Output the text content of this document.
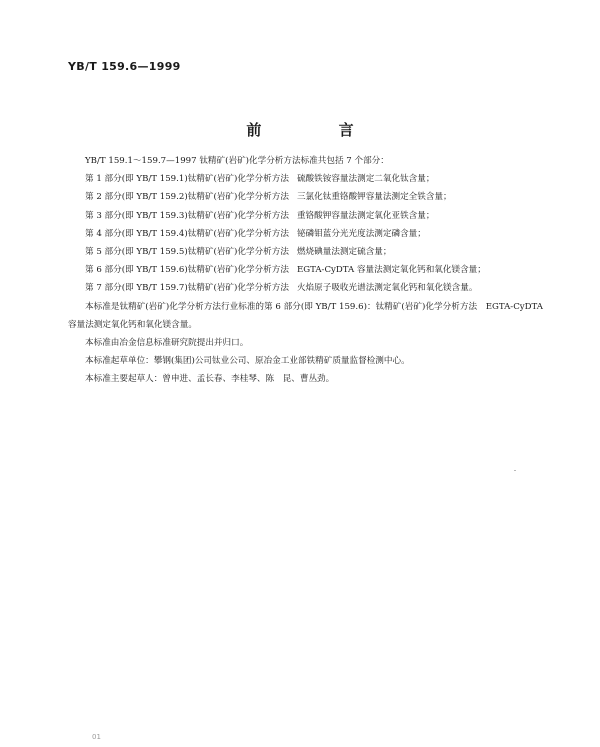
YB/T 159.6—1999
前 言

YB/T 159.1～159.7—1997 钛精矿(岩矿)化学分析方法标准共包括 7 个部分：

第 1 部分(即 YB/T 159.1)钛精矿(岩矿)化学分析方法 硫酸铁铵容量法测定二氧化钛含量；

第 2 部分(即 YB/T 159.2)钛精矿(岩矿)化学分析方法 三氯化钛重铬酸钾容量法测定全铁含量；

第 3 部分(即 YB/T 159.3)钛精矿(岩矿)化学分析方法 重铬酸钾容量法测定氧化亚铁含量；

第 4 部分(即 YB/T 159.4)钛精矿(岩矿)化学分析方法 铋磷钼蓝分光光度法测定磷含量；

第 5 部分(即 YB/T 159.5)钛精矿(岩矿)化学分析方法 燃烧碘量法测定硫含量；

第 6 部分(即 YB/T 159.6)钛精矿(岩矿)化学分析方法 EGTA-CyDTA 容量法测定氧化钙和氧化镁含量；

第 7 部分(即 YB/T 159.7)钛精矿(岩矿)化学分析方法 火焰原子吸收光谱法测定氧化钙和氧化镁含量。

本标准是钛精矿(岩矿)化学分析方法行业标准的第 6 部分(即 YB/T 159.6)：钛精矿(岩矿)化学分析方法　EGTA-CyDTA 容量法测定氧化钙和氧化镁含量。

本标准由冶金信息标准研究院提出并归口。

本标准起草单位：攀钢(集团)公司钛业公司、原冶金工业部铁精矿质量监督检测中心。

本标准主要起草人：曾申进、孟长春、李桂琴、陈　昆、曹丛劲。

01
